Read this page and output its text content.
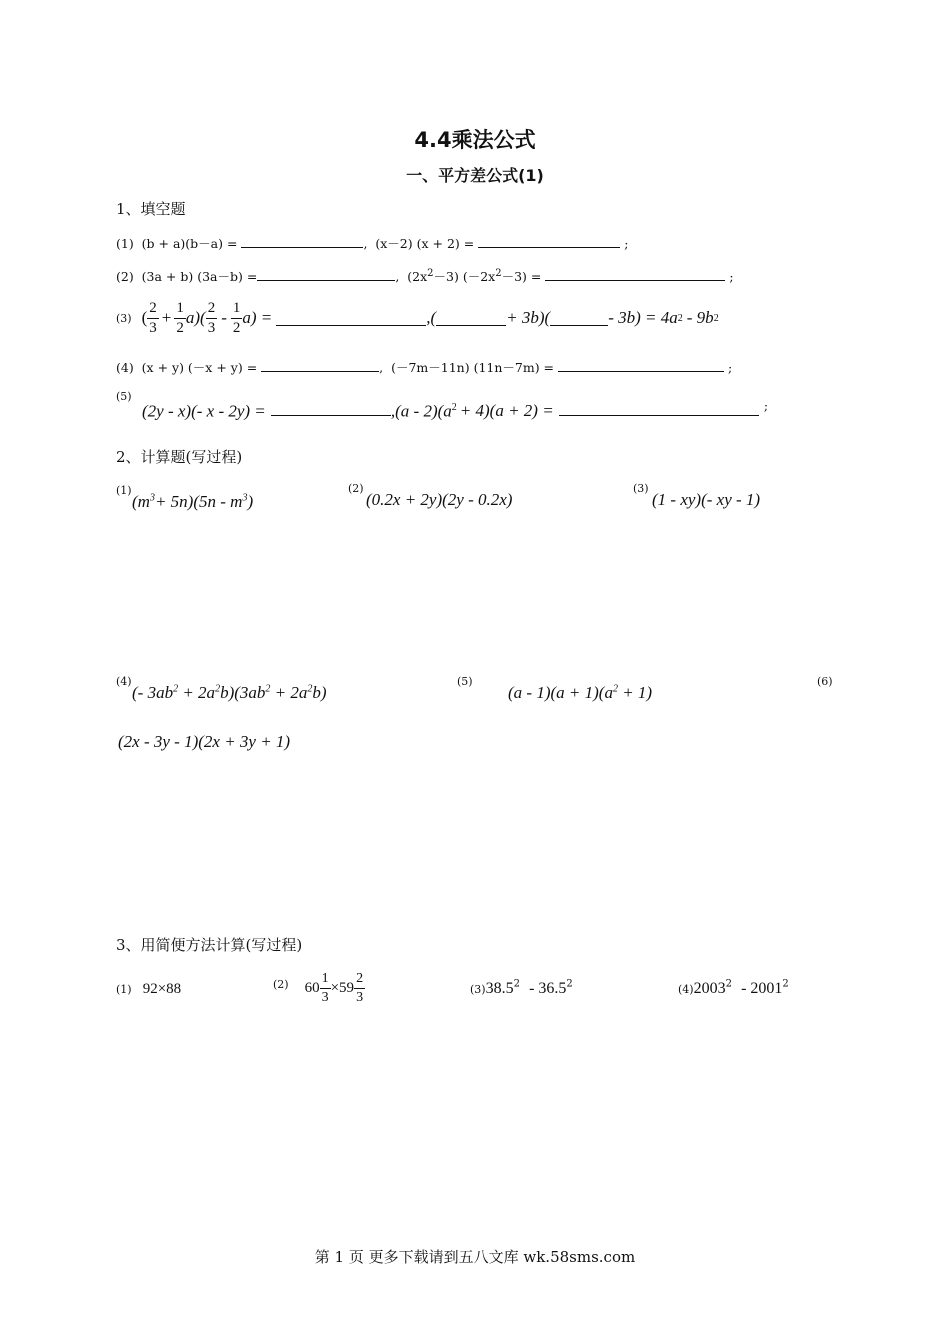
4.4乘法公式
一、平方差公式(1)
1、填空题
(1) (b + a)(b－a) =	,  (x－2) (x + 2) =	;
(2) (3a + b) (3a－b) =	,  $(2x^2-3) (-2x^2-3)$ =	;
(3) ( $\frac{2}{3} + \frac{1}{2} a)( \frac{2}{3} - \frac{1}{2} a)$ =	,(	+ 3b)(	- 3b) = 4a 2 - 9b 2
(4) (x + y) (－x + y) =	,  (－7m－11n) (11n－7m) =	;
(5)
(2y - x)(- x - 2y) =	$,(a - 2)(a^2 + 4)(a + 2)$ =	;
2、计算题(写过程)
(1)
$(m^3+ 5n)(5n - m^3)$
(2)
(0.2x + 2y)(2y - 0.2x)
(3)
(1 - xy)(- xy - 1)
(4)
(- $3ab^2 + 2a^2b)(3ab^2 + 2a^2b)$
(5)
$(a - 1)(a + 1)(a^2 + 1)$
(6)
(2x - 3y - 1)(2x + 3y + 1)
3、用简便方法计算(写过程)
(1) 92×88	(2) $60 \frac{1}{3} \times 59 \frac{2}{3}$	(3)38.5$^2$ - 36.5$^2$	(4)2003$^2$ - 2001$^2$
第 1 页 更多下载请到五八文库 wk.58sms.com
